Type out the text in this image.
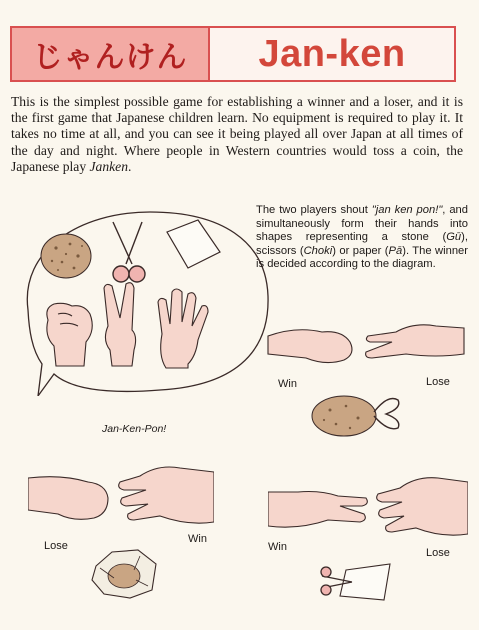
じゃんけん	Jan-ken

This is the simplest possible game for establishing a winner and a loser, and it is the first game that Japanese children learn. No equipment is required to play it. It takes no time at all, and you can see it being played all over Japan at all times of the day and night. Where people in Western countries would toss a coin, the Japanese play Janken.

Jan-Ken-Pon!

The two players shout "jan ken pon!", and simultaneously form their hands into shapes representing a stone (Gū), scissors (Choki) or paper (Pā). The winner is decided according to the diagram.

Win	Lose
Lose
Win
Win	Lose
